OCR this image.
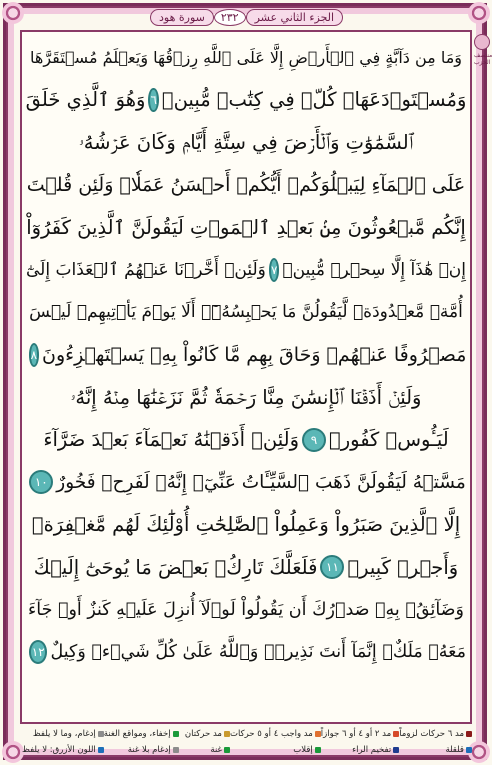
سورة هود	٢٣٢	الجزء الثاني عشر
منتصف الحزب
وَمَا مِن دَآبَّةٍ فِي ٱلۡأَرۡضِ إِلَّا عَلَى ٱللَّهِ رِزۡقُهَا وَيَعۡلَمُ مُسۡتَقَرَّهَا
وَمُسۡتَوۡدَعَهَاۚ كُلّٞ فِي كِتَٰبٖ مُّبِينٖ
٦
وَهُوَ ٱلَّذِي خَلَقَ
ٱلسَّمَٰوَٰتِ وَٱلۡأَرۡضَ فِي سِتَّةِ أَيَّامٖ وَكَانَ عَرۡشُهُۥ
عَلَى ٱلۡمَآءِ لِيَبۡلُوَكُمۡ أَيُّكُمۡ أَحۡسَنُ عَمَلٗاۗ وَلَئِن قُلۡتَ
إِنَّكُم مَّبۡعُوثُونَ مِنۢ بَعۡدِ ٱلۡمَوۡتِ لَيَقُولَنَّ ٱلَّذِينَ كَفَرُوٓاْ
إِنۡ هَٰذَآ إِلَّا سِحۡرٞ مُّبِينٞ
٧
وَلَئِنۡ أَخَّرۡنَا عَنۡهُمُ ٱلۡعَذَابَ إِلَىٰٓ
أُمَّةٖ مَّعۡدُودَةٖ لَّيَقُولُنَّ مَا يَحۡبِسُهُۥٓۗ أَلَا يَوۡمَ يَأۡتِيهِمۡ لَيۡسَ
مَصۡرُوفًا عَنۡهُمۡ وَحَاقَ بِهِم مَّا كَانُواْ بِهِۦ يَسۡتَهۡزِءُونَ
٨
وَلَئِنۡ أَذَقۡنَا ٱلۡإِنسَٰنَ مِنَّا رَحۡمَةٗ ثُمَّ نَزَعۡنَٰهَا مِنۡهُ إِنَّهُۥ
لَيَـُٔوسٞ كَفُورٞ
٩
وَلَئِنۡ أَذَقۡنَٰهُ نَعۡمَآءَ بَعۡدَ ضَرَّآءَ
مَسَّتۡهُ لَيَقُولَنَّ ذَهَبَ ٱلسَّيِّـَٔاتُ عَنِّيٓۚ إِنَّهُۥ لَفَرِحٞ فَخُورٌ
١٠
إِلَّا ٱلَّذِينَ صَبَرُواْ وَعَمِلُواْ ٱلصَّٰلِحَٰتِ أُوْلَٰٓئِكَ لَهُم مَّغۡفِرَةٞ
وَأَجۡرٞ كَبِيرٞ
١١
فَلَعَلَّكَ تَارِكُۢ بَعۡضَ مَا يُوحَىٰٓ إِلَيۡكَ
وَضَآئِقُۢ بِهِۦ صَدۡرُكَ أَن يَقُولُواْ لَوۡلَآ أُنزِلَ عَلَيۡهِ كَنزٌ أَوۡ جَآءَ
مَعَهُۥ مَلَكٌۚ إِنَّمَآ أَنتَ نَذِيرٞۚ وَٱللَّهُ عَلَىٰ كُلِّ شَيۡءٖ وَكِيلٌ
١٢
مد ٦ حركات لزوماً
مد ٢ أو ٤ أو ٦ جوازاً
مد واجب ٤ أو ٥ حركات
مد حركتان
إخفاء، ومواقع الغنة
إدغام، وما لا يلفظ
قلقلة
تفخيم الراء
إقلاب
غنة
إدغام بلا غنة
اللون الأزرق: لا يلفظ
